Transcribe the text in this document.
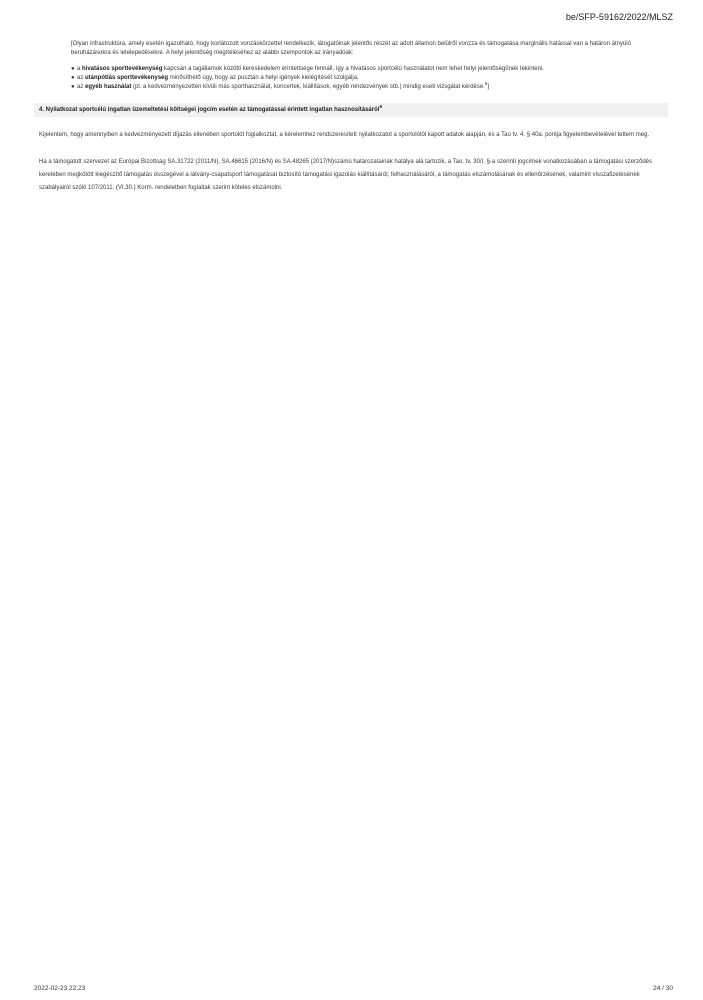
be/SFP-59162/2022/MLSZ

[Olyan infrastruktúra, amely esetén igazolható, hogy korlátozott vonzáskörzettel rendelkezik, látogatóinak jelentős részét az adott államon belülről vonzza és támogatása marginális hatással van a határon átnyúló beruházásokra és letelepedésekre. A helyi jelentőség megítéléséhez az alábbi szempontok az irányadóak:

● a hivatásos sporttevékenység kapcsán a tagállamok közötti kereskedelem érintettsége fennáll, így a hivatásos sportcélú használatot nem lehet helyi jelentőségűnek tekinteni.
● az utánpótlás sporttevékenység minősíthető úgy, hogy az pusztán a helyi igények kielégítését szolgálja,
● az egyéb használat (pl. a kedvezményezetten kívüli más sporthasználat, koncertek, kiállítások, egyéb rendezvények stb.) mindig eseti vizsgálat kérdése.$^8$]
4. Nyilatkozat sportcélú ingatlan üzemeltetési költségei jogcím esetén az támogatással érintett ingatlan hasznosításáról$^9$

Kijelentem, hogy amennyiben a kedvezményezett díjazás ellenében sportolót foglalkoztat, a kérelemhez rendszeresített nyilatkozatot a sportolótól kapott adatok alapján, és a Tao tv. 4. § 40a. pontja figyelembevételével tettem meg.

Ha a támogatott szervezet az Európai Bizottság SA.31722 (2011/N), SA.46615 (2016/N) és SA.48265 (2017/N)számú határozatainak hatálya alá tartozik, a Tao. tv. 30/I. §-a szerinti jogcímek vonatkozásában a támogatási szerződés keretében megkötött kiegészítő támogatás összegével a látvány-csapatsport támogatását biztosító támogatási igazolás kiállításáról, felhasználásáról, a támogatás elszámolásának és ellenőrzésének, valamint visszafizetésének szabályairól szóló 107/2011. (VI.30.) Korm. rendeletben foglaltak szerint köteles elszámolni.

2022-02-23 22:23	24 / 30
